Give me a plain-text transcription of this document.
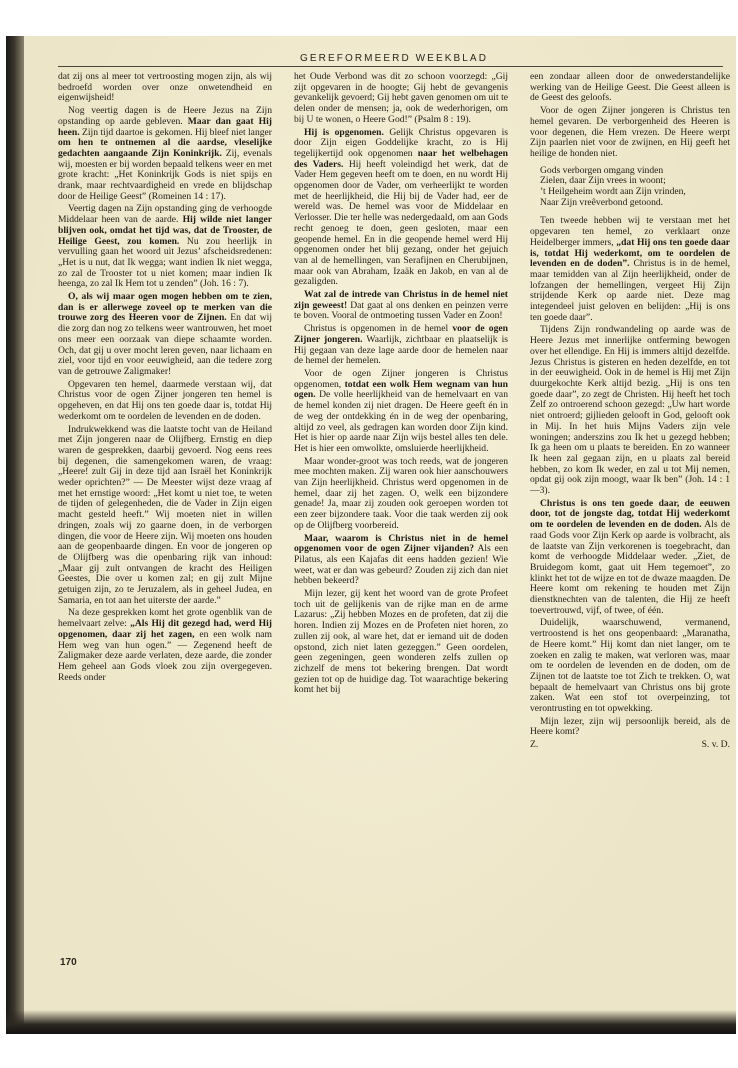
GEREFORMEERD WEEKBLAD

dat zij ons al meer tot vertroosting mogen zijn, als wij bedroefd worden over onze onwetendheid en eigenwijsheid!

Nog veertig dagen is de Heere Jezus na Zijn opstanding op aarde gebleven. Maar dan gaat Hij heen. Zijn tijd daartoe is gekomen. Hij bleef niet langer om hen te ontnemen al die aardse, vleselijke gedachten aangaande Zijn Koninkrijk. Zij, evenals wij, moesten er bij worden bepaald telkens weer en met grote kracht: „Het Koninkrijk Gods is niet spijs en drank, maar rechtvaardigheid en vrede en blijdschap door de Heilige Geest” (Romeinen 14 : 17).

Veertig dagen na Zijn opstanding ging de verhoogde Middelaar heen van de aarde. Hij wilde niet langer blijven ook, omdat het tijd was, dat de Trooster, de Heilige Geest, zou komen. Nu zou heerlijk in vervulling gaan het woord uit Jezus’ afscheidsredenen: „Het is u nut, dat Ik wegga; want indien Ik niet wegga, zo zal de Trooster tot u niet komen; maar indien Ik heenga, zo zal Ik Hem tot u zenden” (Joh. 16 : 7).

O, als wij maar ogen mogen hebben om te zien, dan is er allerwege zoveel op te merken van die trouwe zorg des Heeren voor de Zijnen. En dat wij die zorg dan nog zo telkens weer wantrouwen, het moet ons meer een oorzaak van diepe schaamte worden. Och, dat gij u over mocht leren geven, naar lichaam en ziel, voor tijd en voor eeuwigheid, aan die tedere zorg van de getrouwe Zaligmaker!

Opgevaren ten hemel, daarmede verstaan wij, dat Christus voor de ogen Zijner jongeren ten hemel is opgeheven, en dat Hij ons ten goede daar is, totdat Hij wederkomt om te oordelen de levenden en de doden.

Indrukwekkend was die laatste tocht van de Heiland met Zijn jongeren naar de Olijfberg. Ernstig en diep waren de gesprekken, daarbij gevoerd. Nog eens rees bij degenen, die samengekomen waren, de vraag: „Heere! zult Gij in deze tijd aan Israël het Koninkrijk weder oprichten?” — De Meester wijst deze vraag af met het ernstige woord: „Het komt u niet toe, te weten de tijden of gelegenheden, die de Vader in Zijn eigen macht gesteld heeft.” Wij moeten niet in willen dringen, zoals wij zo gaarne doen, in de verborgen dingen, die voor de Heere zijn. Wij moeten ons houden aan de geopenbaarde dingen. En voor de jongeren op de Olijfberg was die openbaring rijk van inhoud: „Maar gij zult ontvangen de kracht des Heiligen Geestes, Die over u komen zal; en gij zult Mijne getuigen zijn, zo te Jeruzalem, als in geheel Judea, en Samaria, en tot aan het uiterste der aarde.”

Na deze gesprekken komt het grote ogenblik van de hemelvaart zelve: „Als Hij dit gezegd had, werd Hij opgenomen, daar zij het zagen, en een wolk nam Hem weg van hun ogen.” — Zegenend heeft de Zaligmaker deze aarde verlaten, deze aarde, die zonder Hem geheel aan Gods vloek zou zijn overgegeven. Reeds onder

het Oude Verbond was dit zo schoon voorzegd: „Gij zijt opgevaren in de hoogte; Gij hebt de gevangenis gevankelijk gevoerd; Gij hebt gaven genomen om uit te delen onder de mensen; ja, ook de wederhorigen, om bij U te wonen, o Heere God!” (Psalm 8 : 19).

Hij is opgenomen. Gelijk Christus opgevaren is door Zijn eigen Goddelijke kracht, zo is Hij tegelijkertijd ook opgenomen naar het welbehagen des Vaders. Hij heeft voleindigd het werk, dat de Vader Hem gegeven heeft om te doen, en nu wordt Hij opgenomen door de Vader, om verheerlijkt te worden met de heerlijkheid, die Hij bij de Vader had, eer de wereld was. De hemel was voor de Middelaar en Verlosser. Die ter helle was nedergedaald, om aan Gods recht genoeg te doen, geen gesloten, maar een geopende hemel. En in die geopende hemel werd Hij opgenomen onder het blij gezang, onder het gejuich van al de hemellingen, van Serafijnen en Cherubijnen, maar ook van Abraham, Izaäk en Jakob, en van al de gezaligden.

Wat zal de intrede van Christus in de hemel niet zijn geweest! Dat gaat al ons denken en peinzen verre te boven. Vooral de ontmoeting tussen Vader en Zoon!

Christus is opgenomen in de hemel voor de ogen Zijner jongeren. Waarlijk, zichtbaar en plaatselijk is Hij gegaan van deze lage aarde door de hemelen naar de hemel der hemelen.

Voor de ogen Zijner jongeren is Christus opgenomen, totdat een wolk Hem wegnam van hun ogen. De volle heerlijkheid van de hemelvaart en van de hemel konden zij niet dragen. De Heere geeft én in de weg der ontdekking én in de weg der openbaring, altijd zo veel, als gedragen kan worden door Zijn kind. Het is hier op aarde naar Zijn wijs bestel alles ten dele. Het is hier een omwolkte, omsluierde heerlijkheid.

Maar wonder-groot was toch reeds, wat de jongeren mee mochten maken. Zij waren ook hier aanschouwers van Zijn heerlijkheid. Christus werd opgenomen in de hemel, daar zij het zagen. O, welk een bijzondere genade! Ja, maar zij zouden ook geroepen worden tot een zeer bijzondere taak. Voor die taak werden zij ook op de Olijfberg voorbereid.

Maar, waarom is Christus niet in de hemel opgenomen voor de ogen Zijner vijanden? Als een Pilatus, als een Kajafas dit eens hadden gezien! Wie weet, wat er dan was gebeurd? Zouden zij zich dan niet hebben bekeerd?

Mijn lezer, gij kent het woord van de grote Profeet toch uit de gelijkenis van de rijke man en de arme Lazarus: „Zij hebben Mozes en de profeten, dat zij die horen. Indien zij Mozes en de Profeten niet horen, zo zullen zij ook, al ware het, dat er iemand uit de doden opstond, zich niet laten gezeggen.” Geen oordelen, geen zegeningen, geen wonderen zelfs zullen op zichzelf de mens tot bekering brengen. Dat wordt gezien tot op de huidige dag. Tot waarachtige bekering komt het bij

een zondaar alleen door de onwederstandelijke werking van de Heilige Geest. Die Geest alleen is de Geest des geloofs.

Voor de ogen Zijner jongeren is Christus ten hemel gevaren. De verborgenheid des Heeren is voor degenen, die Hem vrezen. De Heere werpt Zijn paarlen niet voor de zwijnen, en Hij geeft het heilige de honden niet.

Gods verborgen omgang vinden
Zielen, daar Zijn vrees in woont;
’t Heilgeheim wordt aan Zijn vrinden,
Naar Zijn vreêverbond getoond.

Ten tweede hebben wij te verstaan met het opgevaren ten hemel, zo verklaart onze Heidelberger immers, „dat Hij ons ten goede daar is, totdat Hij wederkomt, om te oordelen de levenden en de doden”. Christus is in de hemel, maar temidden van al Zijn heerlijkheid, onder de lofzangen der hemellingen, vergeet Hij Zijn strijdende Kerk op aarde niet. Deze mag integendeel juist geloven en belijden: „Hij is ons ten goede daar”.

Tijdens Zijn rondwandeling op aarde was de Heere Jezus met innerlijke ontferming bewogen over het ellendige. En Hij is immers altijd dezelfde. Jezus Christus is gisteren en heden dezelfde, en tot in der eeuwigheid. Ook in de hemel is Hij met Zijn duurgekochte Kerk altijd bezig. „Hij is ons ten goede daar”, zo zegt de Christen. Hij heeft het toch Zelf zo ontroerend schoon gezegd: „Uw hart worde niet ontroerd; gijlieden gelooft in God, gelooft ook in Mij. In het huis Mijns Vaders zijn vele woningen; anderszins zou Ik het u gezegd hebben; Ik ga heen om u plaats te bereiden. En zo wanneer Ik heen zal gegaan zijn, en u plaats zal bereid hebben, zo kom Ik weder, en zal u tot Mij nemen, opdat gij ook zijn moogt, waar Ik ben” (Joh. 14 : 1—3).

Christus is ons ten goede daar, de eeuwen door, tot de jongste dag, totdat Hij wederkomt om te oordelen de levenden en de doden. Als de raad Gods voor Zijn Kerk op aarde is volbracht, als de laatste van Zijn verkorenen is toegebracht, dan komt de verhoogde Middelaar weder. „Ziet, de Bruidegom komt, gaat uit Hem tegemoet”, zo klinkt het tot de wijze en tot de dwaze maagden. De Heere komt om rekening te houden met Zijn dienstknechten van de talenten, die Hij ze heeft toevertrouwd, vijf, of twee, of één.

Duidelijk, waarschuwend, vermanend, vertroostend is het ons geopenbaard: „Maranatha, de Heere komt.” Hij komt dan niet langer, om te zoeken en zalig te maken, wat verloren was, maar om te oordelen de levenden en de doden, om de Zijnen tot de laatste toe tot Zich te trekken. O, wat bepaalt de hemelvaart van Christus ons bij grote zaken. Wat een stof tot overpeinzing, tot verontrusting en tot opwekking.

Mijn lezer, zijn wij persoonlijk bereid, als de Heere komt?

Z.	S. v. D.
170
